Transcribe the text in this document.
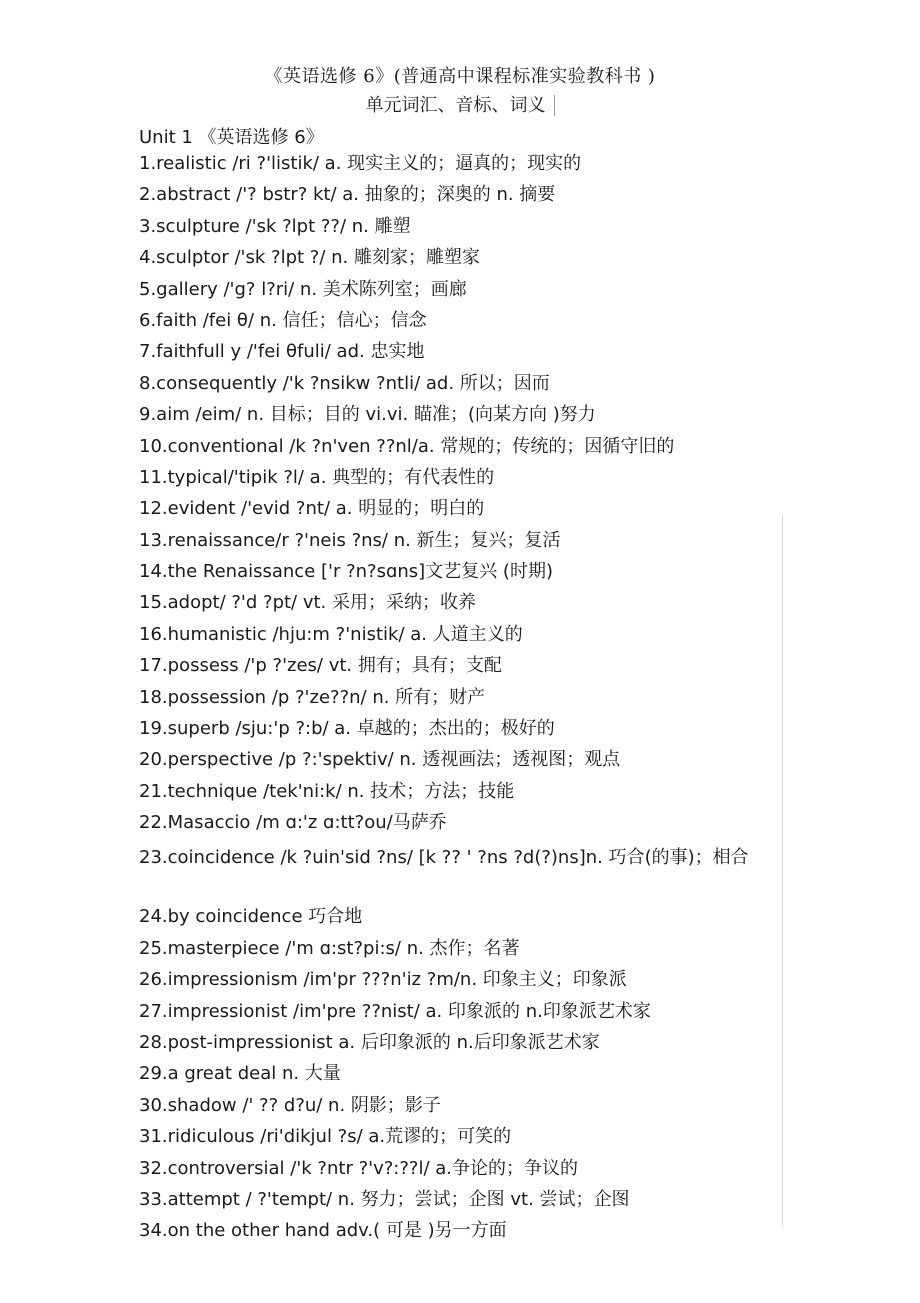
《英语选修 6》(普通高中课程标准实验教科书 )
单元词汇、音标、词义
Unit 1 《英语选修 6》
1.realistic /ri ?'listik/ a. 现实主义的；逼真的；现实的
2.abstract /'? bstr? kt/ a. 抽象的；深奥的 n. 摘要
3.sculpture /'sk ?lpt ??/ n. 雕塑
4.sculptor /'sk ?lpt ?/ n. 雕刻家；雕塑家
5.gallery /'g? l?ri/ n. 美术陈列室；画廊
6.faith /fei θ/ n. 信任；信心；信念
7.faithfull y /'fei θfuli/ ad. 忠实地
8.consequently /'k ?nsikw ?ntli/ ad. 所以；因而
9.aim /eim/ n. 目标；目的 vi.vi. 瞄准；(向某方向 )努力
10.conventional /k ?n'ven ??nl/a. 常规的；传统的；因循守旧的
11.typical/'tipik ?l/ a. 典型的；有代表性的
12.evident /'evid ?nt/ a. 明显的；明白的
13.renaissance/r ?'neis ?ns/ n. 新生；复兴；复活
14.the Renaissance ['r ?n?sɑns]文艺复兴 (时期)
15.adopt/ ?'d ?pt/ vt. 采用；采纳；收养
16.humanistic /hju:m ?'nistik/ a. 人道主义的
17.possess /'p ?'zes/ vt. 拥有；具有；支配
18.possession /p ?'ze??n/ n. 所有；财产
19.superb /sju:'p ?:b/ a. 卓越的；杰出的；极好的
20.perspective /p ?:'spektiv/ n. 透视画法；透视图；观点
21.technique /tek'ni:k/ n. 技术；方法；技能
22.Masaccio /m ɑ:'z ɑ:tt?ou/马萨乔
23.coincidence /k ?uin'sid ?ns/ [k ?? ' ?ns ?d(?)ns]n. 巧合(的事)；相合
24.by coincidence 巧合地
25.masterpiece /'m ɑ:st?pi:s/ n. 杰作；名著
26.impressionism /im'pr ???n'iz ?m/n. 印象主义；印象派
27.impressionist /im'pre ??nist/ a. 印象派的 n.印象派艺术家
28.post-impressionist a. 后印象派的 n.后印象派艺术家
29.a great deal n. 大量
30.shadow /' ?? d?u/ n. 阴影；影子
31.ridiculous /ri'dikjul ?s/ a.荒谬的；可笑的
32.controversial /'k ?ntr ?'v?:??l/ a.争论的；争议的
33.attempt / ?'tempt/ n. 努力；尝试；企图 vt. 尝试；企图
34.on the other hand adv.( 可是 )另一方面
